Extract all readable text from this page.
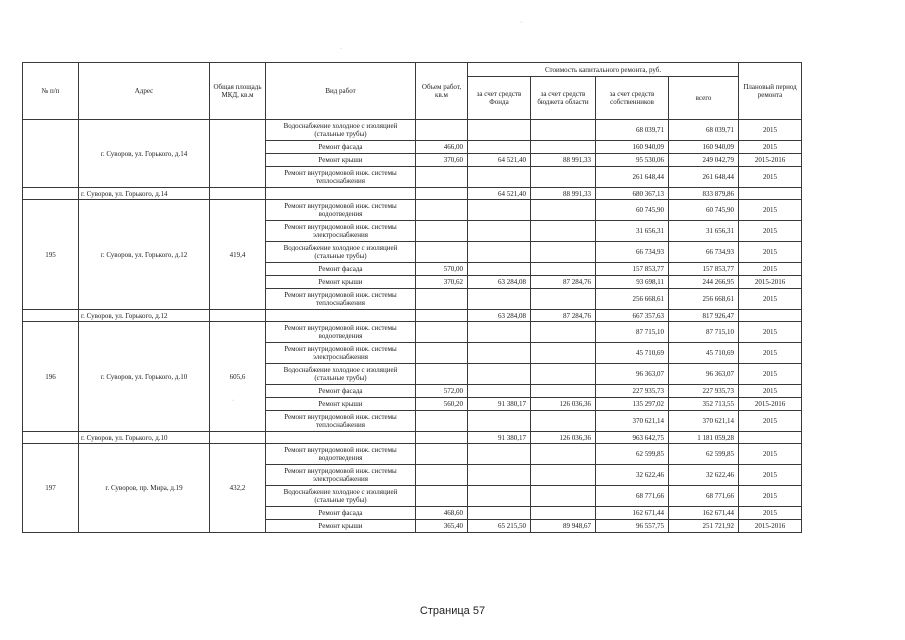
№ п/п	Адрес	Общая площадь МКД, кв.м	Вид работ	Объем работ, кв.м	Стоимость капитального ремонта, руб.				Плановый период ремонта
					за счет средств Фонда	за счет средств бюджета области	за счет средств собственников	всего	
	г. Суворов, ул. Горького, д.14		Водоснабжение холодное с изоляцией (стальные трубы)				68 039,71	68 039,71	2015
			Ремонт фасада	466,00			160 940,09	160 940,09	2015
			Ремонт крыши	370,60	64 521,40	88 991,33	95 530,06	249 042,79	2015-2016
			Ремонт внутридомовой инж. системы теплоснабжения				261 648,44	261 648,44	2015
	г. Суворов, ул. Горького, д.14				64 521,40	88 991,33	680 367,13	833 879,86	
195	г. Суворов, ул. Горького, д.12	419,4	Ремонт внутридомовой инж. системы водоотведения				60 745,90	60 745,90	2015
			Ремонт внутридомовой инж. системы электроснабжения				31 656,31	31 656,31	2015
			Водоснабжение холодное с изоляцией (стальные трубы)				66 734,93	66 734,93	2015
			Ремонт фасада	570,00			157 853,77	157 853,77	2015
			Ремонт крыши	370,62	63 284,08	87 284,76	93 698,11	244 266,95	2015-2016
			Ремонт внутридомовой инж. системы теплоснабжения				256 668,61	256 668,61	2015
	г. Суворов, ул. Горького, д.12				63 284,08	87 284,76	667 357,63	817 926,47	
196	г. Суворов, ул. Горького, д.10	605,6	Ремонт внутридомовой инж. системы водоотведения				87 715,10	87 715,10	2015
			Ремонт внутридомовой инж. системы электроснабжения				45 710,69	45 710,69	2015
			Водоснабжение холодное с изоляцией (стальные трубы)				96 363,07	96 363,07	2015
			Ремонт фасада	572,00			227 935,73	227 935,73	2015
			Ремонт крыши	560,20	91 380,17	126 036,36	135 297,02	352 713,55	2015-2016
			Ремонт внутридомовой инж. системы теплоснабжения				370 621,14	370 621,14	2015
	г. Суворов, ул. Горького, д.10				91 380,17	126 036,36	963 642,75	1 181 059,28	
197	г. Суворов, пр. Мира, д.19	432,2	Ремонт внутридомовой инж. системы водоотведения				62 599,85	62 599,85	2015
			Ремонт внутридомовой инж. системы электроснабжения				32 622,46	32 622,46	2015
			Водоснабжение холодное с изоляцией (стальные трубы)				68 771,66	68 771,66	2015
			Ремонт фасада	468,60			162 671,44	162 671,44	2015
			Ремонт крыши	365,40	65 215,50	89 948,67	96 557,75	251 721,92	2015-2016
Страница 57
·
·
·
